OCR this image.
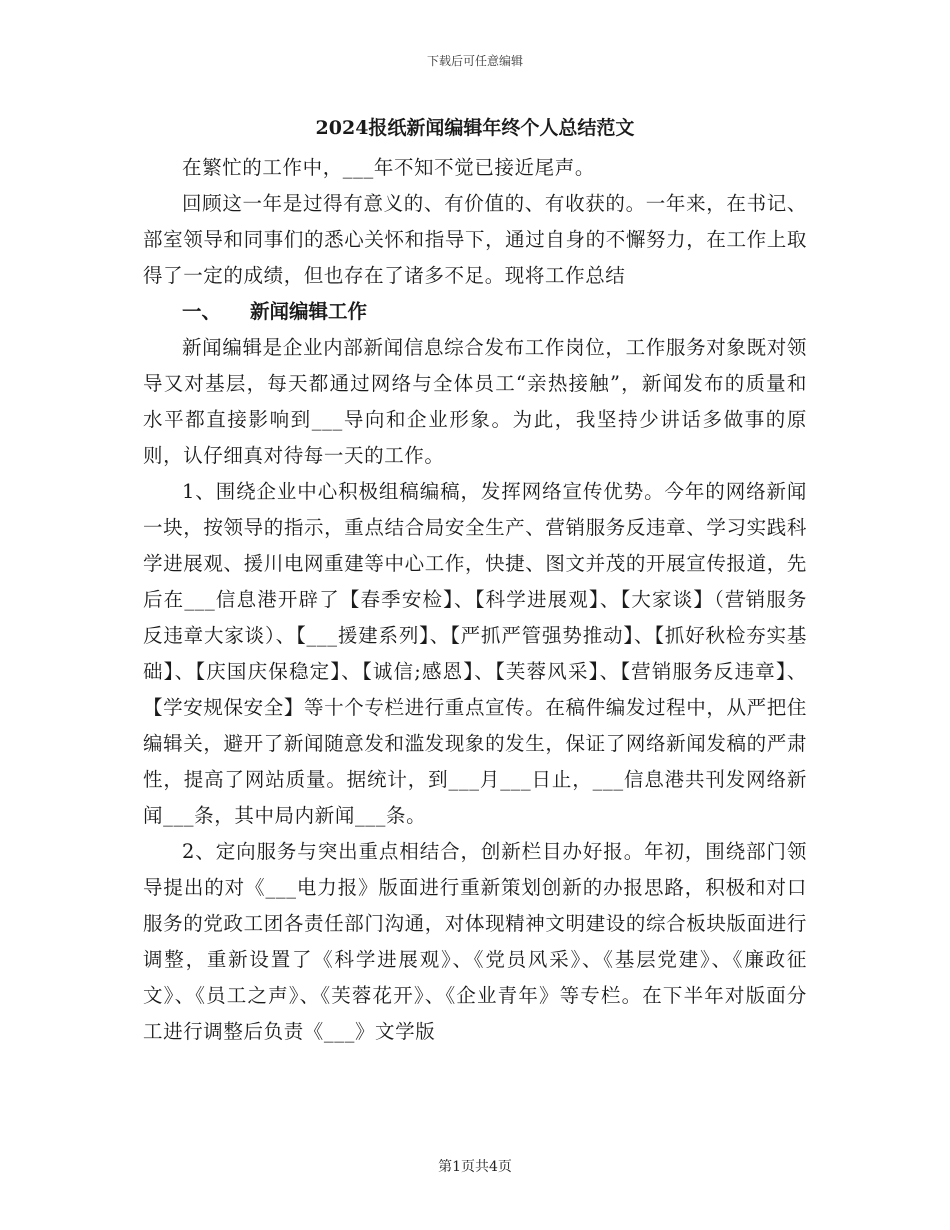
下载后可任意编辑
2024报纸新闻编辑年终个人总结范文

在繁忙的工作中，___年不知不觉已接近尾声。

回顾这一年是过得有意义的、有价值的、有收获的。一年来，在书记、部室领导和同事们的悉心关怀和指导下，通过自身的不懈努力，在工作上取得了一定的成绩，但也存在了诸多不足。现将工作总结

一、 新闻编辑工作

新闻编辑是企业内部新闻信息综合发布工作岗位，工作服务对象既对领导又对基层，每天都通过网络与全体员工“亲热接触”，新闻发布的质量和水平都直接影响到___导向和企业形象。为此，我坚持少讲话多做事的原则，认仔细真对待每一天的工作。

1、围绕企业中心积极组稿编稿，发挥网络宣传优势。今年的网络新闻一块，按领导的指示，重点结合局安全生产、营销服务反违章、学习实践科学进展观、援川电网重建等中心工作，快捷、图文并茂的开展宣传报道，先后在___信息港开辟了【春季安检】、【科学进展观】、【大家谈】（营销服务反违章大家谈）、【___援建系列】、【严抓严管强势推动】、【抓好秋检夯实基础】、【庆国庆保稳定】、【诚信;感恩】、【芙蓉风采】、【营销服务反违章】、【学安规保安全】等十个专栏进行重点宣传。在稿件编发过程中，从严把住编辑关，避开了新闻随意发和滥发现象的发生，保证了网络新闻发稿的严肃性，提高了网站质量。据统计，到___月___日止，___信息港共刊发网络新闻___条，其中局内新闻___条。

2、定向服务与突出重点相结合，创新栏目办好报。年初，围绕部门领导提出的对《___电力报》版面进行重新策划创新的办报思路，积极和对口服务的党政工团各责任部门沟通，对体现精神文明建设的综合板块版面进行调整，重新设置了《科学进展观》、《党员风采》、《基层党建》、《廉政征文》、《员工之声》、《芙蓉花开》、《企业青年》等专栏。在下半年对版面分工进行调整后负责《___》文学版

第1页共4页
